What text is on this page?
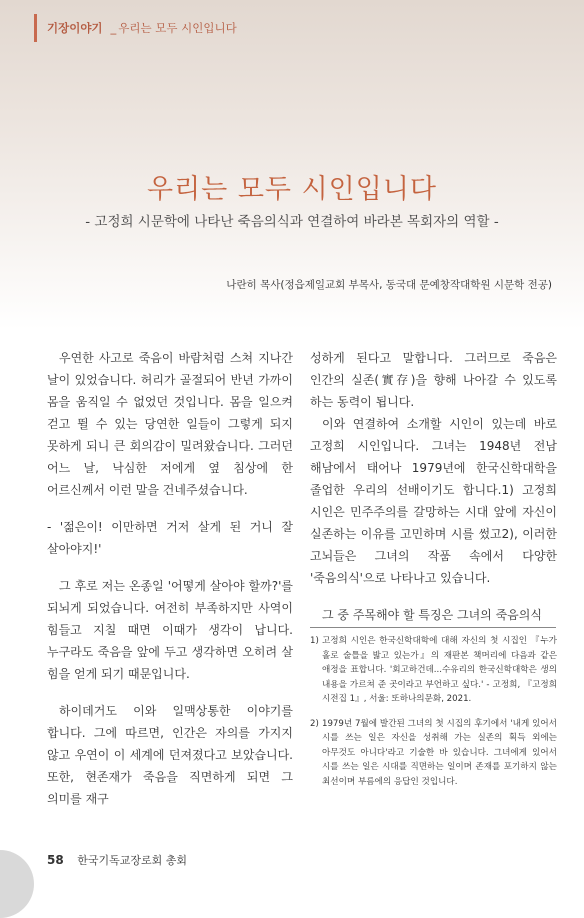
기장이야기 _ 우리는 모두 시인입니다
우리는 모두 시인입니다
- 고정희 시문학에 나타난 죽음의식과 연결하여 바라본 목회자의 역할 -
나란히 목사(정읍제일교회 부목사, 동국대 문예창작대학원 시문학 전공)

우연한 사고로 죽음이 바람처럼 스쳐 지나간 날이 있었습니다. 허리가 골절되어 반년 가까이 몸을 움직일 수 없었던 것입니다. 몸을 일으켜 걷고 뛸 수 있는 당연한 일들이 그렇게 되지 못하게 되니 큰 회의감이 밀려왔습니다. 그러던 어느 날, 낙심한 저에게 옆 침상에 한 어르신께서 이런 말을 건네주셨습니다.

- '젊은이! 이만하면 거저 살게 된 거니 잘 살아야지!'

그 후로 저는 온종일 '어떻게 살아야 할까?'를 되뇌게 되었습니다. 여전히 부족하지만 사역이 힘들고 지칠 때면 이때가 생각이 납니다. 누구라도 죽음을 앞에 두고 생각하면 오히려 살 힘을 얻게 되기 때문입니다.

하이데거도 이와 일맥상통한 이야기를 합니다. 그에 따르면, 인간은 자의를 가지지 않고 우연이 이 세계에 던져졌다고 보았습니다. 또한, 현존재가 죽음을 직면하게 되면 그 의미를 재구

성하게 된다고 말합니다. 그러므로 죽음은 인간의 실존(實存)을 향해 나아갈 수 있도록 하는 동력이 됩니다.

이와 연결하여 소개할 시인이 있는데 바로 고정희 시인입니다. 그녀는 1948년 전남 해남에서 태어나 1979년에 한국신학대학을 졸업한 우리의 선배이기도 합니다.1) 고정희 시인은 민주주의를 갈망하는 시대 앞에 자신이 실존하는 이유를 고민하며 시를 썼고2), 이러한 고뇌들은 그녀의 작품 속에서 다양한 '죽음의식'으로 나타나고 있습니다.

그 중 주목해야 할 특징은 그녀의 죽음의식

1) 고정희 시인은 한국신학대학에 대해 자신의 첫 시집인 『누가 홀로 술틀을 밟고 있는가』의 재판본 책머리에 다음과 같은 애정을 표합니다. '회고하건데...수유리의 한국신학대학은 생의 내용을 가르쳐 준 곳이라고 부언하고 싶다.' - 고정희, 『고정희 시전집 1』, 서울: 또하나의문화, 2021.
2) 1979년 7월에 발간된 그녀의 첫 시집의 후기에서 '내게 있어서 시를 쓰는 일은 자신을 성취해 가는 실존의 획득 외에는 아무것도 아니다'라고 기술한 바 있습니다. 그녀에게 있어서 시를 쓰는 일은 시대를 직면하는 일이며 존재를 포기하지 않는 최선이며 부름에의 응답인 것입니다.
58 한국기독교장로회 총회
